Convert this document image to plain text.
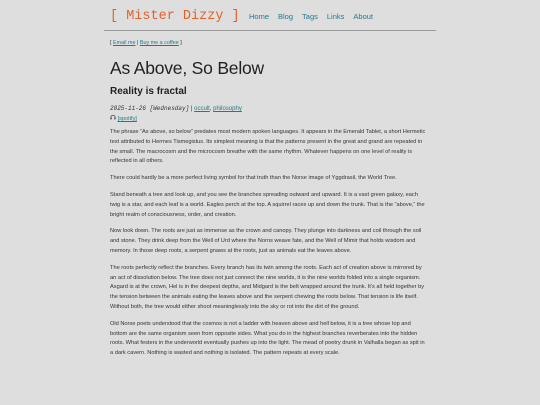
[ Mister Dizzy ] Home Blog Tags Links About
[ Email me | Buy me a coffee ]
As Above, So Below
Reality is fractal
2025-11-26 [Wednesday] | occult, philosophy
[spotify]

The phrase “As above, so below” predates most modern spoken languages. It appears in the Emerald Tablet, a short Hermetic text attributed to Hermes Tismegistus. Its simplest meaning is that the patterns present in the great and grand are repeated in the small. The macrocosm and the microcosm breathe with the same rhythm. Whatever happens on one level of reality is reflected in all others.

There could hardly be a more perfect living symbol for that truth than the Norse image of Yggdrasil, the World Tree.

Stand beneath a tree and look up, and you see the branches spreading outward and upward. It is a vast green galaxy, each twig is a star, and each leaf is a world. Eagles perch at the top. A squirrel races up and down the trunk. That is the “above,” the bright realm of consciousness, order, and creation.

Now look down. The roots are just as immense as the crown and canopy. They plunge into darkness and coil through the soil and stone. They drink deep from the Well of Urd where the Norns weave fate, and the Well of Mimir that holds wisdom and memory. In those deep roots, a serpent gnaws at the roots, just as animals eat the leaves above.

The roots perfectly reflect the branches. Every branch has its twin among the roots. Each act of creation above is mirrored by an act of dissolution below. The tree does not just connect the nine worlds, it is the nine worlds folded into a single organism. Asgard is at the crown, Hel is in the deepest depths, and Midgard is the belt wrapped around the trunk. It’s all held together by the tension between the animals eating the leaves above and the serpent chewing the roots below. That tension is life itself. Without both, the tree would either shoot meaninglessly into the sky or rot into the dirt of the ground.

Old Norse poets understood that the cosmos is not a ladder with heaven above and hell below, it is a tree whose top and bottom are the same organism seen from opposite sides. What you do in the highest branches reverberates into the hidden roots. What festers in the underworld eventually pushes up into the light. The mead of poetry drunk in Valhalla began as spit in a dark cavern. Nothing is wasted and nothing is isolated. The pattern repeats at every scale.
